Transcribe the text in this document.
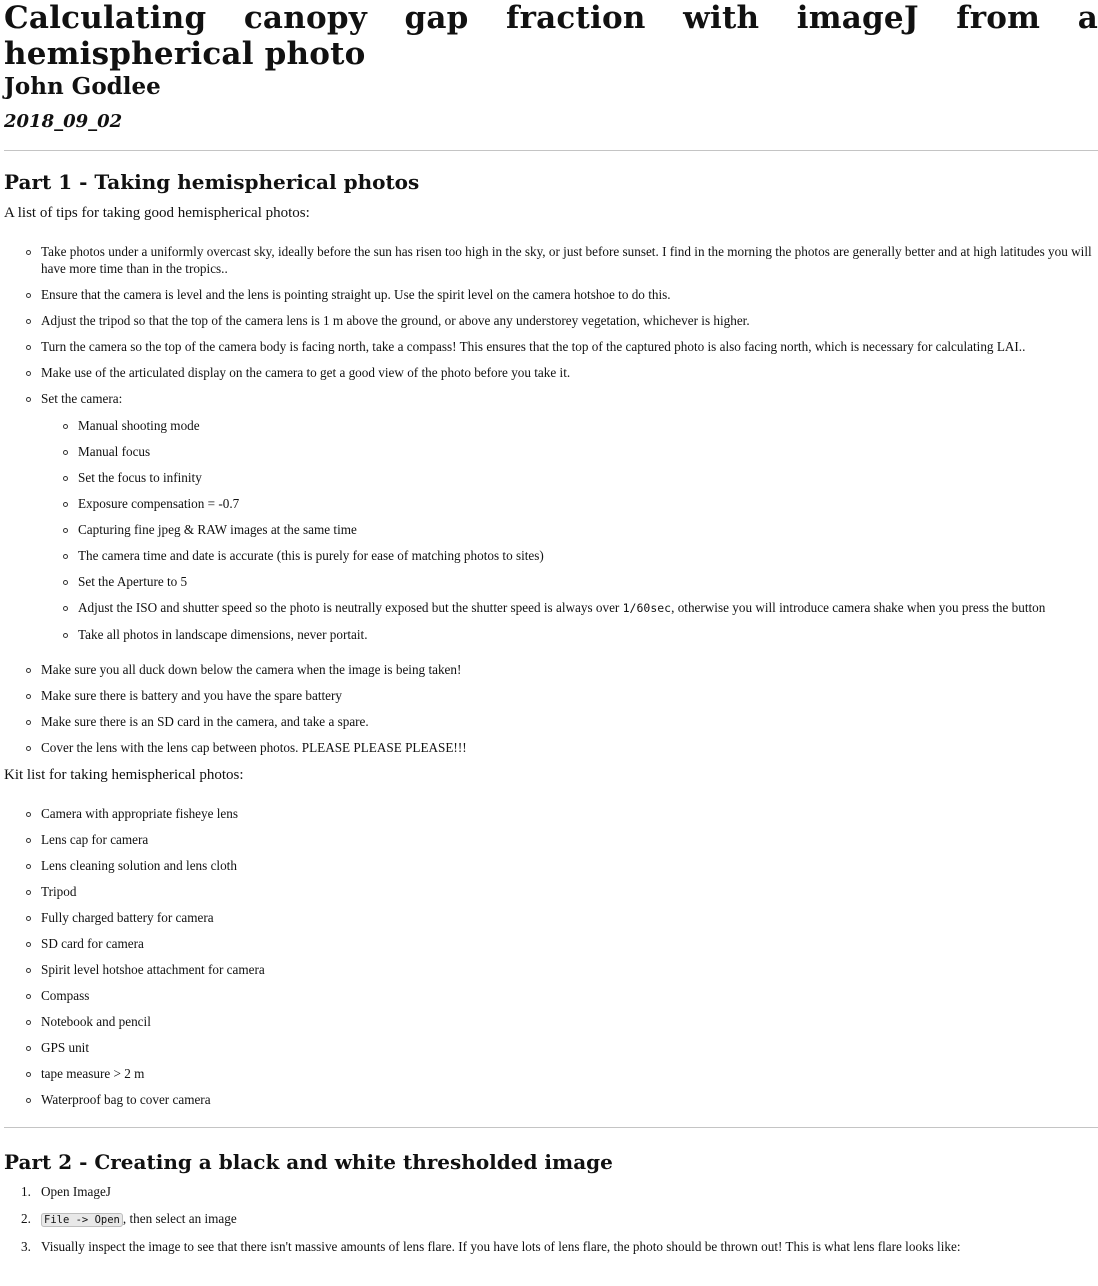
Calculating canopy gap fraction with imageJ from a hemispherical photo
John Godlee
2018_09_02
Part 1 - Taking hemispherical photos

A list of tips for taking good hemispherical photos:

Take photos under a uniformly overcast sky, ideally before the sun has risen too high in the sky, or just before sunset. I find in the morning the photos are generally better and at high latitudes you will have more time than in the tropics..
Ensure that the camera is level and the lens is pointing straight up. Use the spirit level on the camera hotshoe to do this.
Adjust the tripod so that the top of the camera lens is 1 m above the ground, or above any understorey vegetation, whichever is higher.
Turn the camera so the top of the camera body is facing north, take a compass! This ensures that the top of the captured photo is also facing north, which is necessary for calculating LAI..
Make use of the articulated display on the camera to get a good view of the photo before you take it.
Set the camera:
Manual shooting mode
Manual focus
Set the focus to infinity
Exposure compensation = -0.7
Capturing fine jpeg & RAW images at the same time
The camera time and date is accurate (this is purely for ease of matching photos to sites)
Set the Aperture to 5
Adjust the ISO and shutter speed so the photo is neutrally exposed but the shutter speed is always over 1/60sec, otherwise you will introduce camera shake when you press the button
Take all photos in landscape dimensions, never portait.
Make sure you all duck down below the camera when the image is being taken!
Make sure there is battery and you have the spare battery
Make sure there is an SD card in the camera, and take a spare.
Cover the lens with the lens cap between photos. PLEASE PLEASE PLEASE!!!

Kit list for taking hemispherical photos:

Camera with appropriate fisheye lens
Lens cap for camera
Lens cleaning solution and lens cloth
Tripod
Fully charged battery for camera
SD card for camera
Spirit level hotshoe attachment for camera
Compass
Notebook and pencil
GPS unit
tape measure > 2 m
Waterproof bag to cover camera
Part 2 - Creating a black and white thresholded image
1. Open ImageJ
2. File -> Open , then select an image
3. Visually inspect the image to see that there isn't massive amounts of lens flare. If you have lots of lens flare, the photo should be thrown out! This is what lens flare looks like:
